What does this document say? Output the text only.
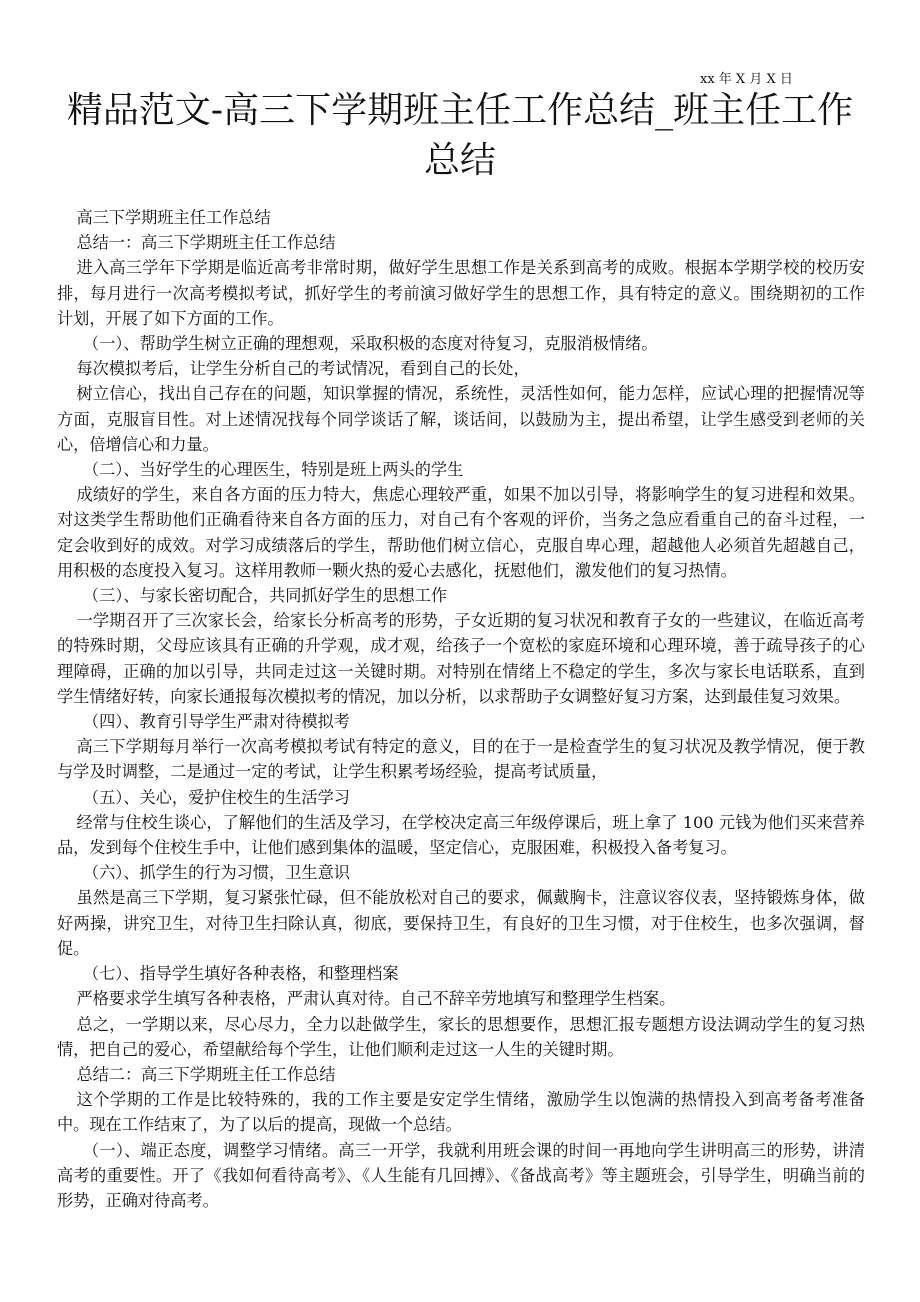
xx 年 X 月 X 日
精品范文-高三下学期班主任工作总结_班主任工作总结

高三下学期班主任工作总结

总结一：高三下学期班主任工作总结

进入高三学年下学期是临近高考非常时期，做好学生思想工作是关系到高考的成败。根据本学期学校的校历安排，每月进行一次高考模拟考试，抓好学生的考前演习做好学生的思想工作，具有特定的意义。围绕期初的工作计划，开展了如下方面的工作。

（一）、帮助学生树立正确的理想观，采取积极的态度对待复习，克服消极情绪。

每次模拟考后，让学生分析自己的考试情况，看到自己的长处，

树立信心，找出自己存在的问题，知识掌握的情况，系统性，灵活性如何，能力怎样，应试心理的把握情况等方面，克服盲目性。对上述情况找每个同学谈话了解，谈话间，以鼓励为主，提出希望，让学生感受到老师的关心，倍增信心和力量。

（二）、当好学生的心理医生，特别是班上两头的学生

成绩好的学生，来自各方面的压力特大，焦虑心理较严重，如果不加以引导，将影响学生的复习进程和效果。对这类学生帮助他们正确看待来自各方面的压力，对自己有个客观的评价，当务之急应看重自己的奋斗过程，一定会收到好的成效。对学习成绩落后的学生，帮助他们树立信心，克服自卑心理，超越他人必须首先超越自己，用积极的态度投入复习。这样用教师一颗火热的爱心去感化，抚慰他们，激发他们的复习热情。

（三）、与家长密切配合，共同抓好学生的思想工作

一学期召开了三次家长会，给家长分析高考的形势，子女近期的复习状况和教育子女的一些建议，在临近高考的特殊时期，父母应该具有正确的升学观，成才观，给孩子一个宽松的家庭环境和心理环境，善于疏导孩子的心理障碍，正确的加以引导，共同走过这一关键时期。对特别在情绪上不稳定的学生，多次与家长电话联系，直到学生情绪好转，向家长通报每次模拟考的情况，加以分析，以求帮助子女调整好复习方案，达到最佳复习效果。

（四）、教育引导学生严肃对待模拟考

高三下学期每月举行一次高考模拟考试有特定的意义，目的在于一是检查学生的复习状况及教学情况，便于教与学及时调整，二是通过一定的考试，让学生积累考场经验，提高考试质量，

（五）、关心，爱护住校生的生活学习

经常与住校生谈心，了解他们的生活及学习，在学校决定高三年级停课后，班上拿了 100 元钱为他们买来营养品，发到每个住校生手中，让他们感到集体的温暖，坚定信心，克服困难，积极投入备考复习。

（六）、抓学生的行为习惯，卫生意识

虽然是高三下学期，复习紧张忙碌，但不能放松对自己的要求，佩戴胸卡，注意议容仪表，坚持锻炼身体，做好两操，讲究卫生，对待卫生扫除认真，彻底，要保持卫生，有良好的卫生习惯，对于住校生，也多次强调，督促。

（七）、指导学生填好各种表格，和整理档案

严格要求学生填写各种表格，严肃认真对待。自己不辞辛劳地填写和整理学生档案。

总之，一学期以来，尽心尽力，全力以赴做学生，家长的思想要作，思想汇报专题想方设法调动学生的复习热情，把自己的爱心，希望献给每个学生，让他们顺利走过这一人生的关键时期。

总结二：高三下学期班主任工作总结

这个学期的工作是比较特殊的，我的工作主要是安定学生情绪，激励学生以饱满的热情投入到高考备考准备中。现在工作结束了，为了以后的提高，现做一个总结。

（一）、端正态度，调整学习情绪。高三一开学，我就利用班会课的时间一再地向学生讲明高三的形势，讲清高考的重要性。开了《我如何看待高考》、《人生能有几回搏》、《备战高考》等主题班会，引导学生，明确当前的形势，正确对待高考。
